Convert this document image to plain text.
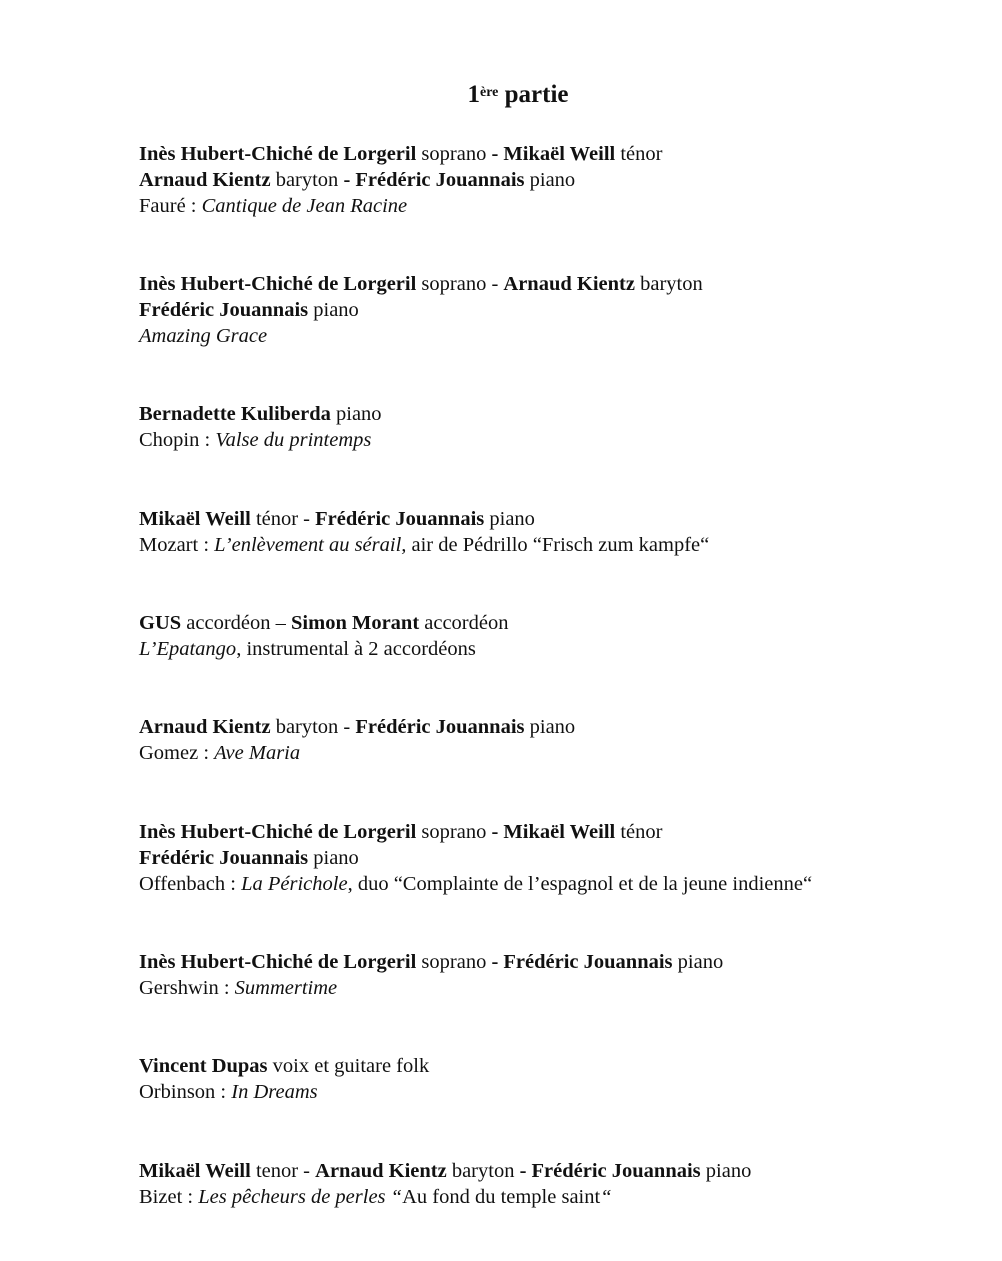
1ère partie
Inès Hubert-Chiché de Lorgeril soprano - Mikaël Weill ténor
Arnaud Kientz baryton - Frédéric Jouannais piano
Fauré : Cantique de Jean Racine
Inès Hubert-Chiché de Lorgeril soprano - Arnaud Kientz baryton
Frédéric Jouannais piano
Amazing Grace
Bernadette Kuliberda piano
Chopin : Valse du printemps
Mikaël Weill ténor - Frédéric Jouannais piano
Mozart : L’enlèvement au sérail, air de Pédrillo “Frisch zum kampfe“
GUS accordéon – Simon Morant accordéon
L’Epatango, instrumental à 2 accordéons
Arnaud Kientz baryton - Frédéric Jouannais piano
Gomez : Ave Maria
Inès Hubert-Chiché de Lorgeril soprano - Mikaël Weill ténor
Frédéric Jouannais piano
Offenbach : La Périchole, duo “Complainte de l’espagnol et de la jeune indienne“
Inès Hubert-Chiché de Lorgeril soprano - Frédéric Jouannais piano
Gershwin : Summertime
Vincent Dupas voix et guitare folk
Orbinson : In Dreams
Mikaël Weill tenor - Arnaud Kientz baryton - Frédéric Jouannais piano
Bizet : Les pêcheurs de perles “Au fond du temple saint“
